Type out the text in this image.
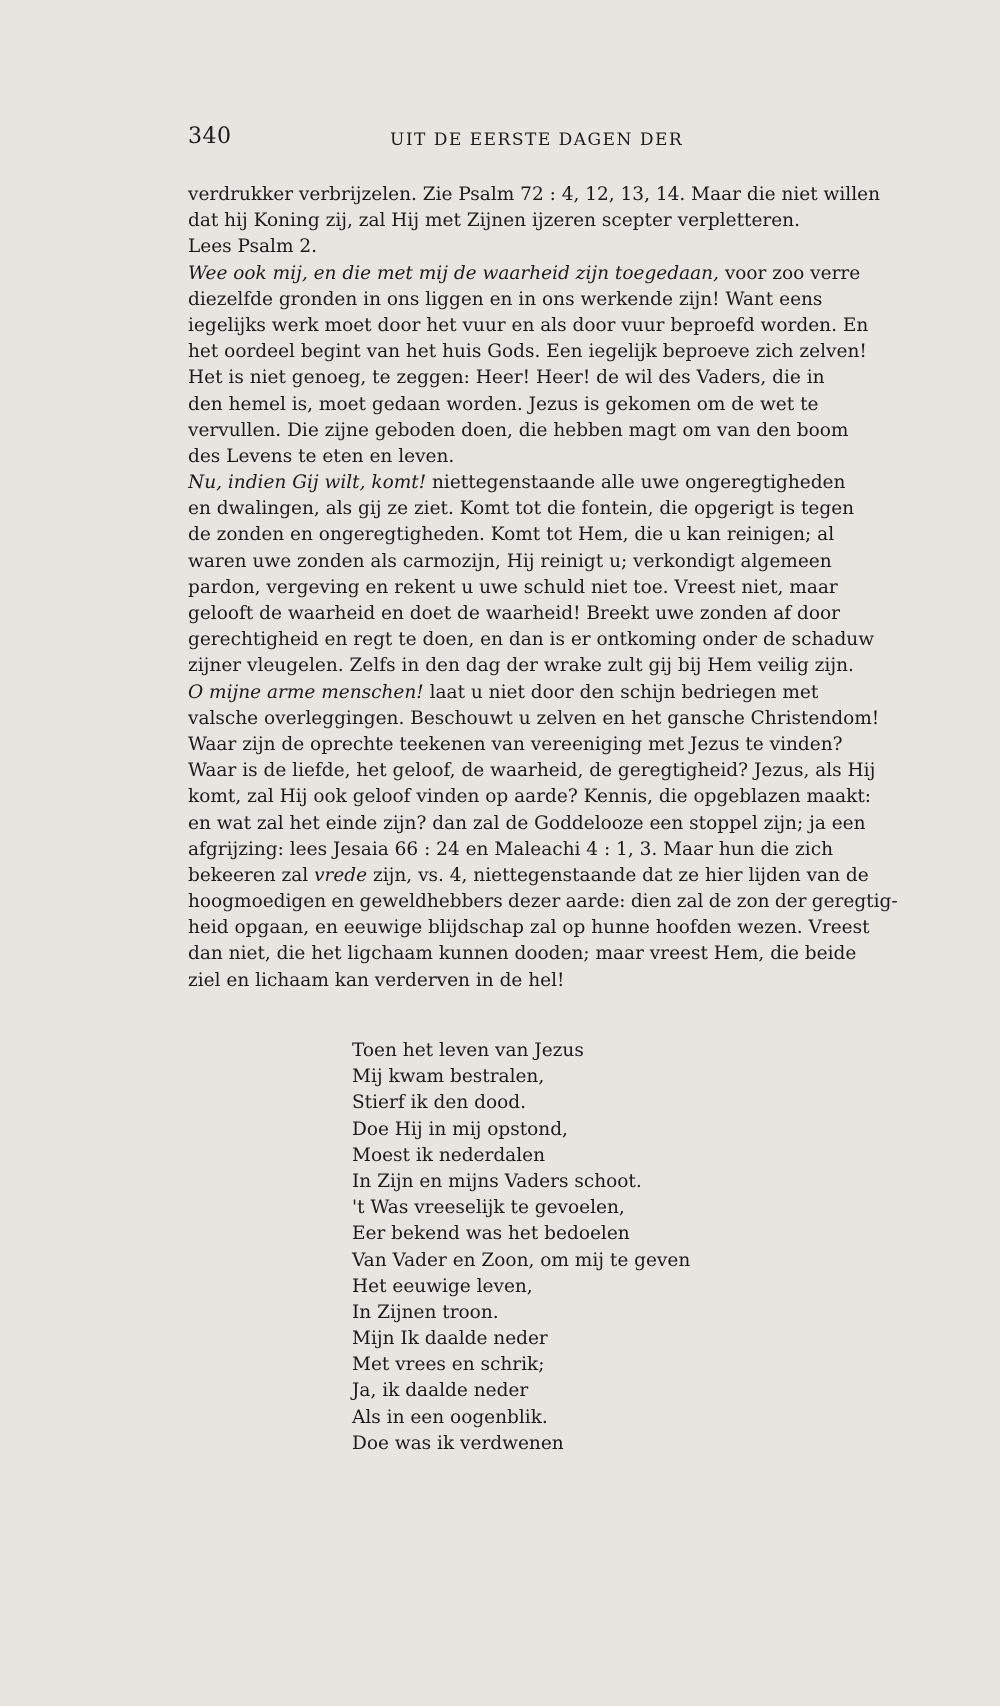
340	UIT DE EERSTE DAGEN DER
verdrukker verbrijzelen. Zie Psalm 72 : 4, 12, 13, 14. Maar die niet willen
dat hij Koning zij, zal Hij met Zijnen ijzeren scepter verpletteren.
Lees Psalm 2.
Wee ook mij, en die met mij de waarheid zijn toegedaan, voor zoo verre
diezelfde gronden in ons liggen en in ons werkende zijn! Want eens
iegelijks werk moet door het vuur en als door vuur beproefd worden. En
het oordeel begint van het huis Gods. Een iegelijk beproeve zich zelven!
Het is niet genoeg, te zeggen: Heer! Heer! de wil des Vaders, die in
den hemel is, moet gedaan worden. Jezus is gekomen om de wet te
vervullen. Die zijne geboden doen, die hebben magt om van den boom
des Levens te eten en leven.
Nu, indien Gij wilt, komt! niettegenstaande alle uwe ongeregtigheden
en dwalingen, als gij ze ziet. Komt tot die fontein, die opgerigt is tegen
de zonden en ongeregtigheden. Komt tot Hem, die u kan reinigen; al
waren uwe zonden als carmozijn, Hij reinigt u; verkondigt algemeen
pardon, vergeving en rekent u uwe schuld niet toe. Vreest niet, maar
gelooft de waarheid en doet de waarheid! Breekt uwe zonden af door
gerechtigheid en regt te doen, en dan is er ontkoming onder de schaduw
zijner vleugelen. Zelfs in den dag der wrake zult gij bij Hem veilig zijn.
O mijne arme menschen! laat u niet door den schijn bedriegen met
valsche overleggingen. Beschouwt u zelven en het gansche Christendom!
Waar zijn de oprechte teekenen van vereeniging met Jezus te vinden?
Waar is de liefde, het geloof, de waarheid, de geregtigheid? Jezus, als Hij
komt, zal Hij ook geloof vinden op aarde? Kennis, die opgeblazen maakt:
en wat zal het einde zijn? dan zal de Goddelooze een stoppel zijn; ja een
afgrijzing: lees Jesaia 66 : 24 en Maleachi 4 : 1, 3. Maar hun die zich
bekeeren zal vrede zijn, vs. 4, niettegenstaande dat ze hier lijden van de
hoogmoedigen en geweldhebbers dezer aarde: dien zal de zon der geregtig-
heid opgaan, en eeuwige blijdschap zal op hunne hoofden wezen. Vreest
dan niet, die het ligchaam kunnen dooden; maar vreest Hem, die beide
ziel en lichaam kan verderven in de hel!
Toen het leven van Jezus
Mij kwam bestralen,
Stierf ik den dood.
Doe Hij in mij opstond,
Moest ik nederdalen
In Zijn en mijns Vaders schoot.
't Was vreeselijk te gevoelen,
Eer bekend was het bedoelen
Van Vader en Zoon, om mij te geven
Het eeuwige leven,
In Zijnen troon.
Mijn Ik daalde neder
Met vrees en schrik;
Ja, ik daalde neder
Als in een oogenblik.
Doe was ik verdwenen
